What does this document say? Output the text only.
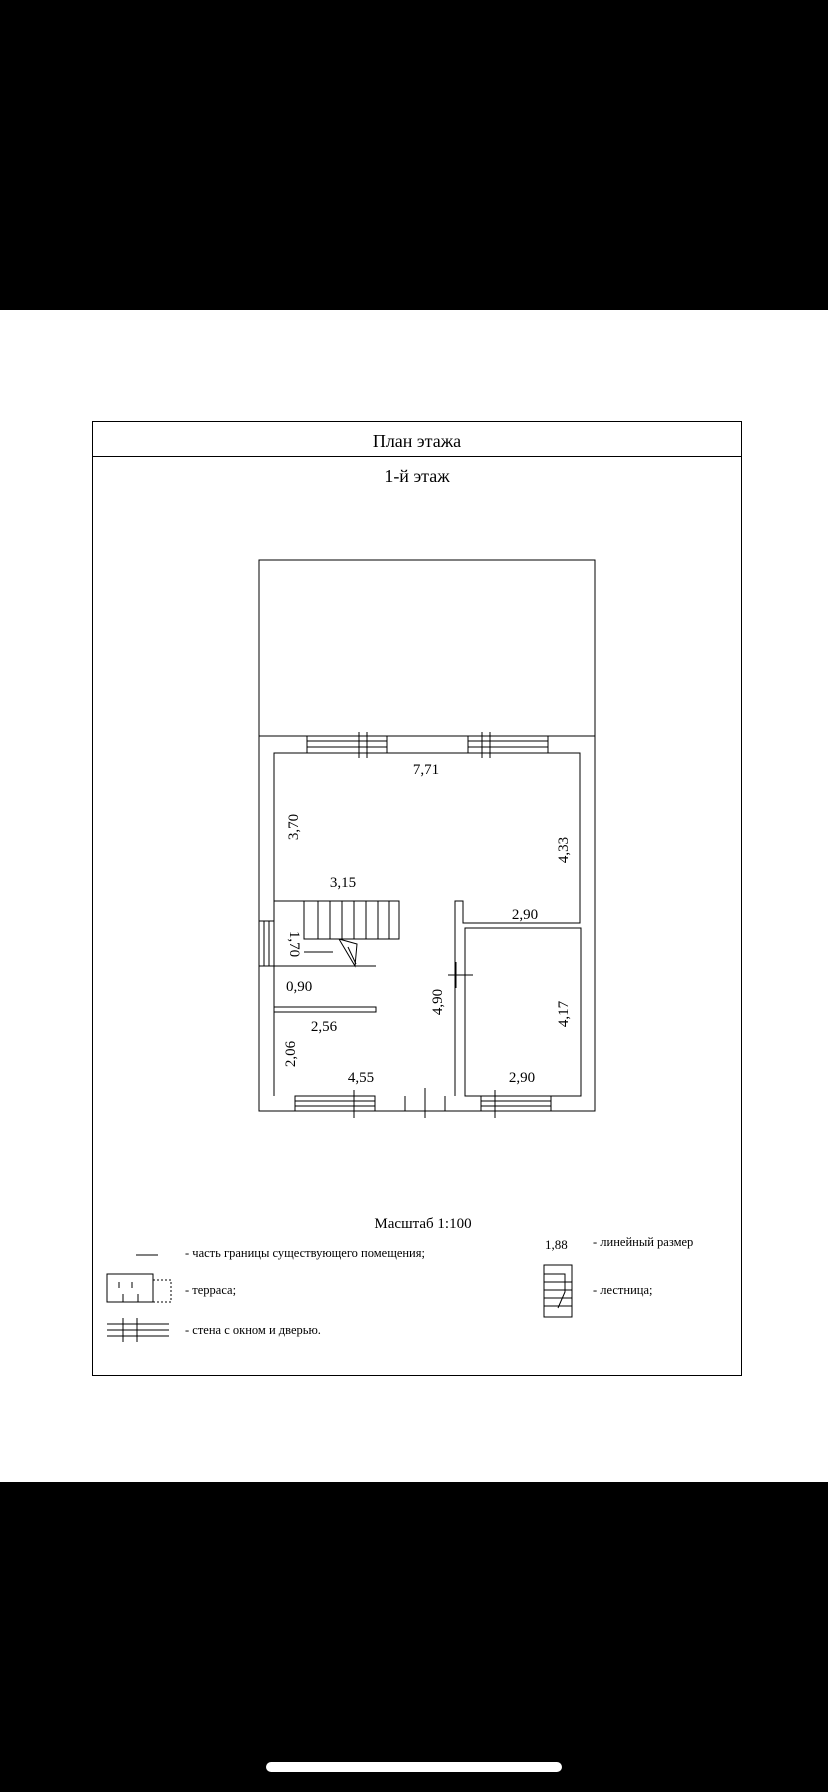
План этажа
1-й этаж
7,71
3,70
4,33
3,15
2,90
1,70
0,90
4,90	4,17
2,56
2,06
4,55	2,90
Масштаб 1:100
- часть границы существующего помещения;
- терраса;
- стена с окном и дверью.
1,88 - линейный размер
- лестница;
